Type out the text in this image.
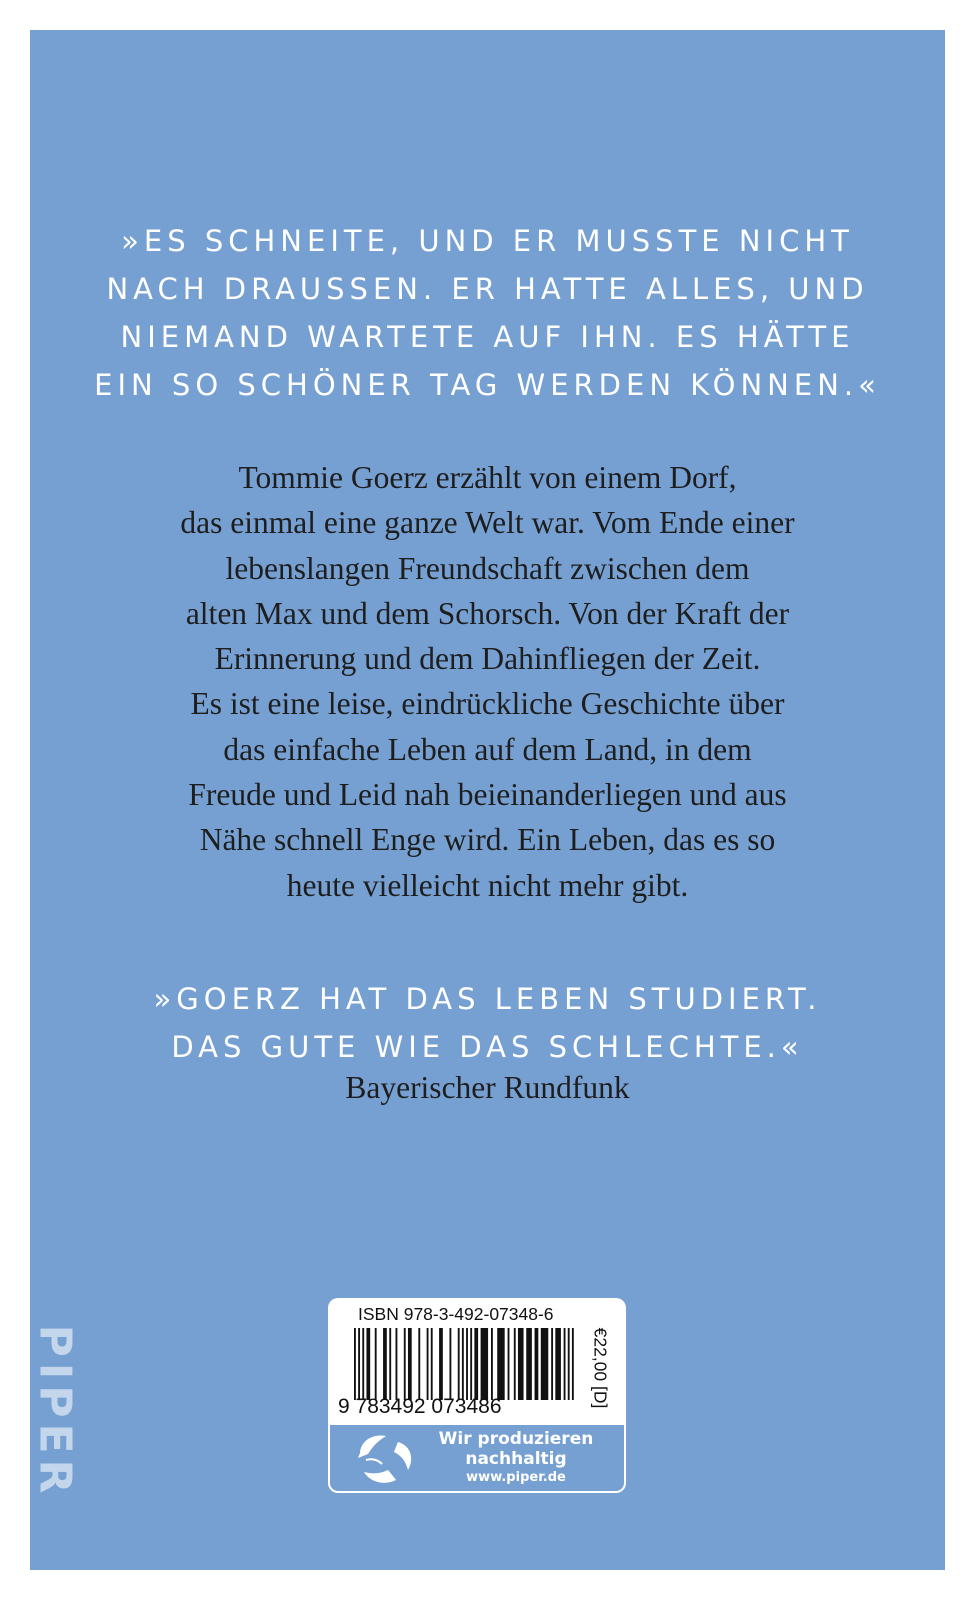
»ES SCHNEITE, UND ER MUSSTE NICHT
NACH DRAUSSEN. ER HATTE ALLES, UND
NIEMAND WARTETE AUF IHN. ES HÄTTE
EIN SO SCHÖNER TAG WERDEN KÖNNEN.«
Tommie Goerz erzählt von einem Dorf,
das einmal eine ganze Welt war. Vom Ende einer
lebenslangen Freundschaft zwischen dem
alten Max und dem Schorsch. Von der Kraft der
Erinnerung und dem Dahinfliegen der Zeit.
Es ist eine leise, eindrückliche Geschichte über
das einfache Leben auf dem Land, in dem
Freude und Leid nah beieinanderliegen und aus
Nähe schnell Enge wird. Ein Leben, das es so
heute vielleicht nicht mehr gibt.
»GOERZ HAT DAS LEBEN STUDIERT.
DAS GUTE WIE DAS SCHLECHTE.«
Bayerischer Rundfunk
PIPER
ISBN 978-3-492-07348-6
9 783492 073486	€22,00 [D]
Wir produzieren
nachhaltig
www.piper.de
